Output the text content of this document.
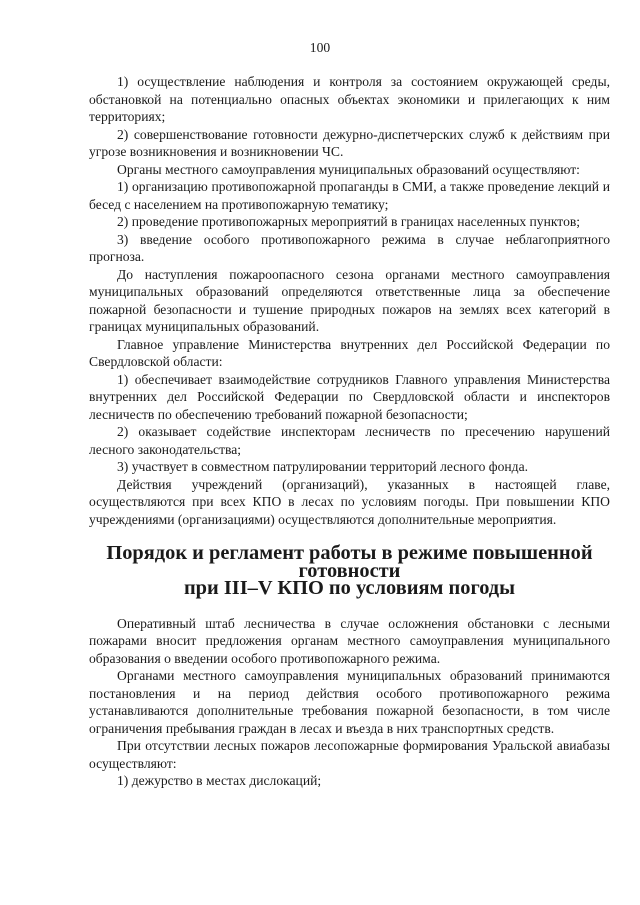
100

1) осуществление наблюдения и контроля за состоянием окружающей среды, обстановкой на потенциально опасных объектах экономики и прилегающих к ним территориях;

2) совершенствование готовности дежурно-диспетчерских служб к действиям при угрозе возникновения и возникновении ЧС.

Органы местного самоуправления муниципальных образований осуществляют:

1) организацию противопожарной пропаганды в СМИ, а также проведение лекций и бесед с населением на противопожарную тематику;

2) проведение противопожарных мероприятий в границах населенных пунктов;

3) введение особого противопожарного режима в случае неблагоприятного прогноза.

До наступления пожароопасного сезона органами местного самоуправления муниципальных образований определяются ответственные лица за обеспечение пожарной безопасности и тушение природных пожаров на землях всех категорий в границах муниципальных образований.

Главное управление Министерства внутренних дел Российской Федерации по Свердловской области:

1) обеспечивает взаимодействие сотрудников Главного управления Министерства внутренних дел Российской Федерации по Свердловской области и инспекторов лесничеств по обеспечению требований пожарной безопасности;

2) оказывает содействие инспекторам лесничеств по пресечению нарушений лесного законодательства;

3) участвует в совместном патрулировании территорий лесного фонда.

Действия учреждений (организаций), указанных в настоящей главе, осуществляются при всех КПО в лесах по условиям погоды. При повышении КПО учреждениями (организациями) осуществляются дополнительные мероприятия.

Порядок и регламент работы в режиме повышенной готовности
при III–V КПО по условиям погоды

Оперативный штаб лесничества в случае осложнения обстановки с лесными пожарами вносит предложения органам местного самоуправления муниципального образования о введении особого противопожарного режима.

Органами местного самоуправления муниципальных образований принимаются постановления и на период действия особого противопожарного режима устанавливаются дополнительные требования пожарной безопасности, в том числе ограничения пребывания граждан в лесах и въезда в них транспортных средств.

При отсутствии лесных пожаров лесопожарные формирования Уральской авиабазы осуществляют:

1) дежурство в местах дислокаций;
